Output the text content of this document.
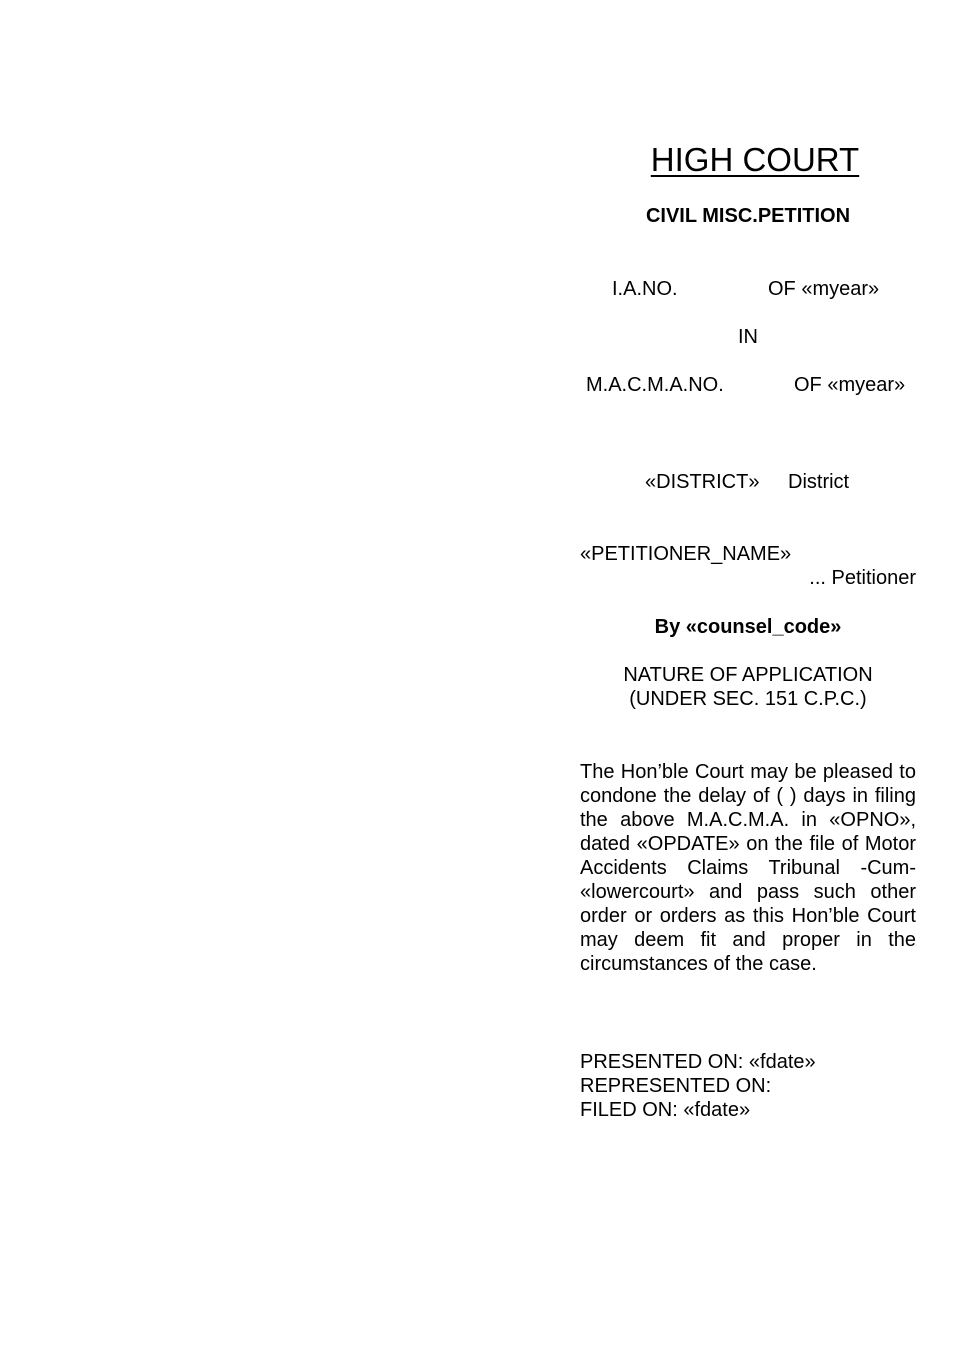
HIGH COURT
CIVIL MISC.PETITION
I.A.NO.	OF «myear»
IN
M.A.C.M.A.NO.	OF «myear»
«DISTRICT» District
«PETITIONER_NAME»
... Petitioner
By «counsel_code»
NATURE OF APPLICATION
(UNDER SEC. 151 C.P.C.)
The Hon’ble Court may be pleased to condone the delay of ( ) days in filing the above M.A.C.M.A. in «OPNO», dated «OPDATE» on the file of Motor Accidents Claims Tribunal -Cum- «lowercourt» and pass such other order or orders as this Hon’ble Court may deem fit and proper in the circumstances of the case.
PRESENTED ON: «fdate»
REPRESENTED ON:
FILED ON: «fdate»
